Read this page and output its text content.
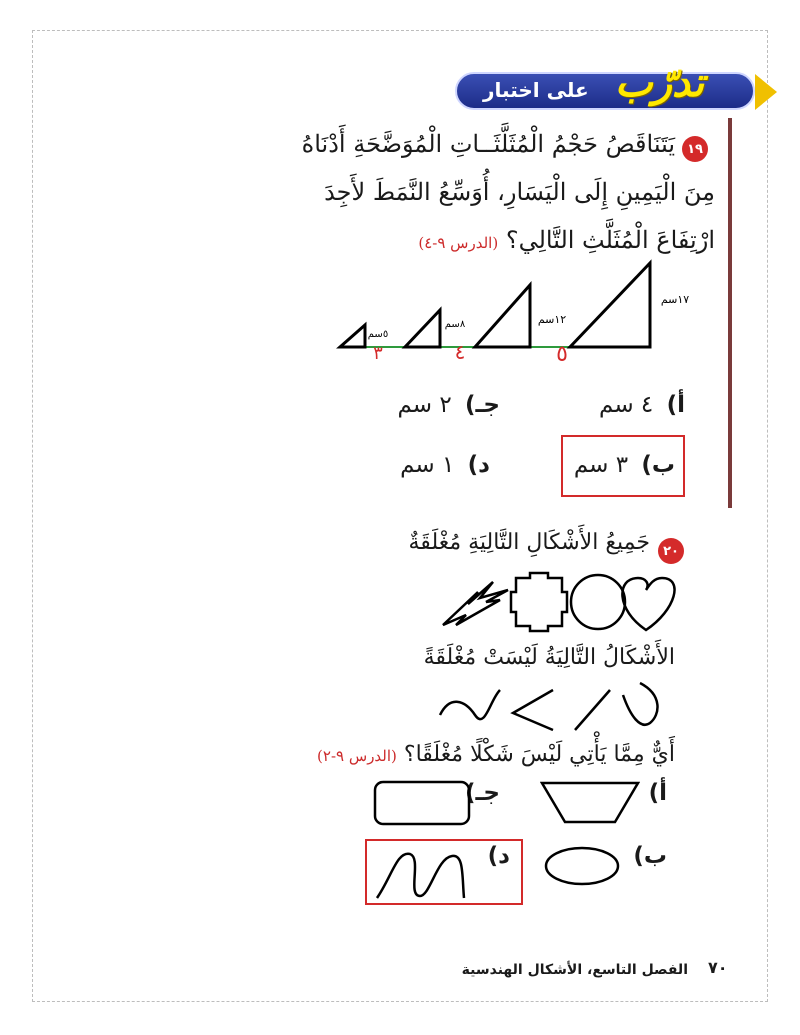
على اختبار تدرّب
١٩
يَتَنَاقَصُ حَجْمُ الْمُثَلَّثَــاتِ الْمُوَضَّحَةِ أَدْنَاهُ
مِنَ الْيَمِينِ إِلَى الْيَسَارِ، أُوَسِّعُ النَّمَطَ لأَجِدَ
ارْتِفَاعَ الْمُثَلَّثِ التَّالِي؟ (الدرس ٩-٤)
١٧سم
١٢سم
٨سم
٥سم
٥
٤
٣
أ) ٤ سم
جـ) ٢ سم
ب) ٣ سم
د) ١ سم
٢٠
جَمِيعُ الأَشْكَالِ التَّالِيَةِ مُغْلَقَةٌ
الأَشْكَالُ التَّالِيَةُ لَيْسَتْ مُغْلَقَةً
أَيٌّ مِمَّا يَأْتِي لَيْسَ شَكْلًا مُغْلَقًا؟ (الدرس ٩-٢)
أ)
جـ)
ب)
د)
٧٠
الفصل التاسع، الأشكال الهندسية
